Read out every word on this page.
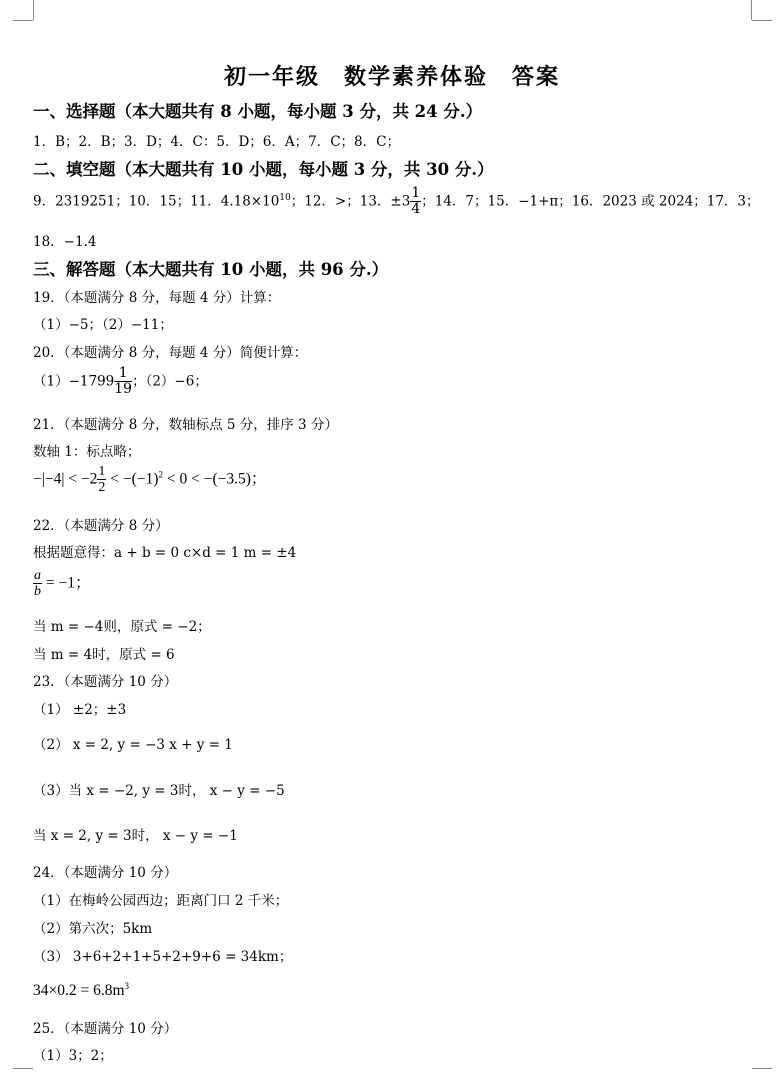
初一年级　数学素养体验　答案
一、选择题（本大题共有 8 小题，每小题 3 分，共 24 分.）
1．B；2．B；3．D；4．C：5．D；6．A；7．C；8．C；
二、填空题（本大题共有 10 小题，每小题 3 分，共 30 分.）
9．2319251；10．15；11．$4.18\times 10^{10}$；12．>；13．$\pm 3 \frac{1}{4}$ ；14．7；15．−1+π；16．2023 或 2024；17．3；
18．−1.4
三、解答题（本大题共有 10 小题，共 96 分.）
19．（本题满分 8 分，每题 4 分）计算：
（1）−5；（2）−11；
20．（本题满分 8 分，每题 4 分）简便计算：
$(1)-1799 \frac{1}{19}$ ；（2）−6；
21．（本题满分 8 分，数轴标点 5 分，排序 3 分）
数轴 1：标点略；
$-|-4| < -2 \frac{1}{2} < -(-1)^2 < 0 < -(-3.5)$；
22．（本题满分 8 分）
根据题意得：a + b = 0 c×d = 1 m = ±4
$\frac{a}{b} = -1$；
当 m = −4则，原式 = −2；
当 m = 4时，原式 = 6
23．（本题满分 10 分）
（1） ±2；±3
（2） x = 2, y = −3 x + y = 1
（3）当 x = −2, y = 3时， x − y = −5
当 x = 2, y = 3时， x − y = −1
24．（本题满分 10 分）
（1）在梅岭公园西边；距离门口 2 千米；
（2）第六次；5km
（3） 3+6+2+1+5+2+9+6 = 34km；
$34\times 0.2 = 6.8m^3$
25．（本题满分 10 分）
（1）3；2；
